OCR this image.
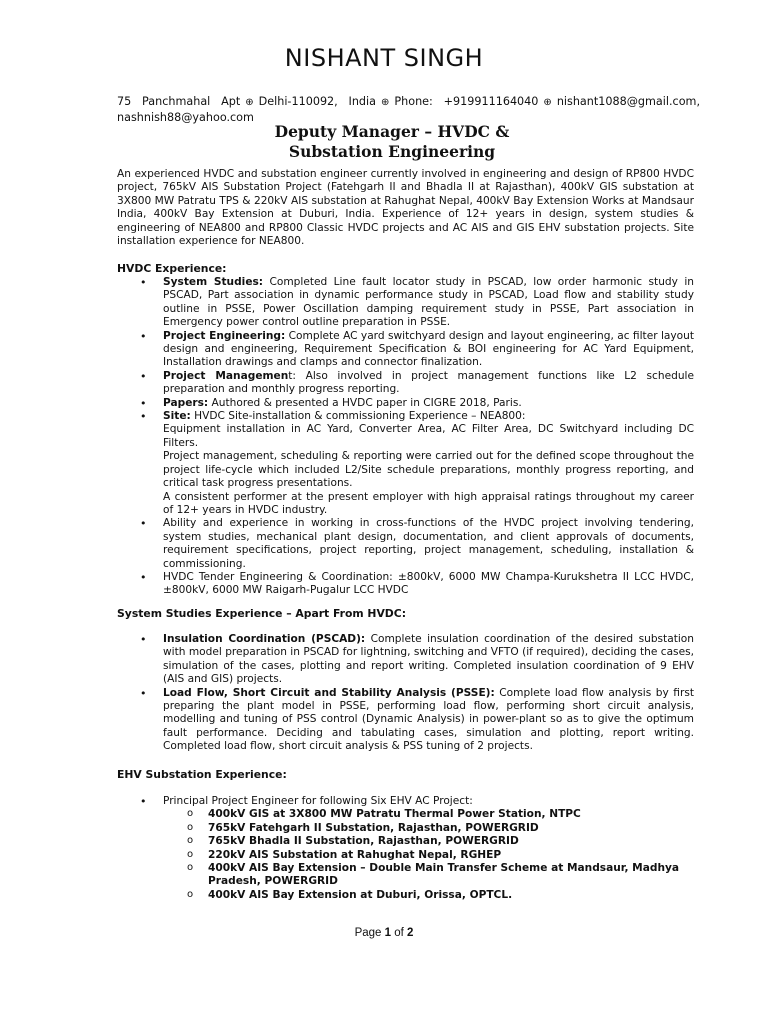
NISHANT SINGH
75 Panchmahal Apt ⊕ Delhi-110092, India ⊕ Phone: +919911164040 ⊕ nishant1088@gmail.com, nashnish88@yahoo.com
Deputy Manager – HVDC &
Substation Engineering

An experienced HVDC and substation engineer currently involved in engineering and design of RP800 HVDC project, 765kV AIS Substation Project (Fatehgarh II and Bhadla II at Rajasthan), 400kV GIS substation at 3X800 MW Patratu TPS & 220kV AIS substation at Rahughat Nepal, 400kV Bay Extension Works at Mandsaur India, 400kV Bay Extension at Duburi, India. Experience of 12+ years in design, system studies & engineering of NEA800 and RP800 Classic HVDC projects and AC AIS and GIS EHV substation projects. Site installation experience for NEA800.

HVDC Experience:
• System Studies: Completed Line fault locator study in PSCAD, low order harmonic study in PSCAD, Part association in dynamic performance study in PSCAD, Load flow and stability study outline in PSSE, Power Oscillation damping requirement study in PSSE, Part association in Emergency power control outline preparation in PSSE.
• Project Engineering: Complete AC yard switchyard design and layout engineering, ac filter layout design and engineering, Requirement Specification & BOI engineering for AC Yard Equipment, Installation drawings and clamps and connector finalization.
• Project Management: Also involved in project management functions like L2 schedule preparation and monthly progress reporting.
• Papers: Authored & presented a HVDC paper in CIGRE 2018, Paris.
• Site: HVDC Site-installation & commissioning Experience – NEA800:
Equipment installation in AC Yard, Converter Area, AC Filter Area, DC Switchyard including DC Filters.
Project management, scheduling & reporting were carried out for the defined scope throughout the project life-cycle which included L2/Site schedule preparations, monthly progress reporting, and critical task progress presentations.
A consistent performer at the present employer with high appraisal ratings throughout my career of 12+ years in HVDC industry.
• Ability and experience in working in cross-functions of the HVDC project involving tendering, system studies, mechanical plant design, documentation, and client approvals of documents, requirement specifications, project reporting, project management, scheduling, installation & commissioning.
• HVDC Tender Engineering & Coordination: ±800kV, 6000 MW Champa-Kurukshetra II LCC HVDC, ±800kV, 6000 MW Raigarh-Pugalur LCC HVDC
System Studies Experience – Apart From HVDC:
• Insulation Coordination (PSCAD): Complete insulation coordination of the desired substation with model preparation in PSCAD for lightning, switching and VFTO (if required), deciding the cases, simulation of the cases, plotting and report writing. Completed insulation coordination of 9 EHV (AIS and GIS) projects.
• Load Flow, Short Circuit and Stability Analysis (PSSE): Complete load flow analysis by first preparing the plant model in PSSE, performing load flow, performing short circuit analysis, modelling and tuning of PSS control (Dynamic Analysis) in power-plant so as to give the optimum fault performance. Deciding and tabulating cases, simulation and plotting, report writing. Completed load flow, short circuit analysis & PSS tuning of 2 projects.
EHV Substation Experience:
• Principal Project Engineer for following Six EHV AC Project:
o 400kV GIS at 3X800 MW Patratu Thermal Power Station, NTPC
o 765kV Fatehgarh II Substation, Rajasthan, POWERGRID
o 765kV Bhadla II Substation, Rajasthan, POWERGRID
o 220kV AIS Substation at Rahughat Nepal, RGHEP
o 400kV AIS Bay Extension – Double Main Transfer Scheme at Mandsaur, Madhya Pradesh, POWERGRID
o 400kV AIS Bay Extension at Duburi, Orissa, OPTCL.
Page 1 of 2
